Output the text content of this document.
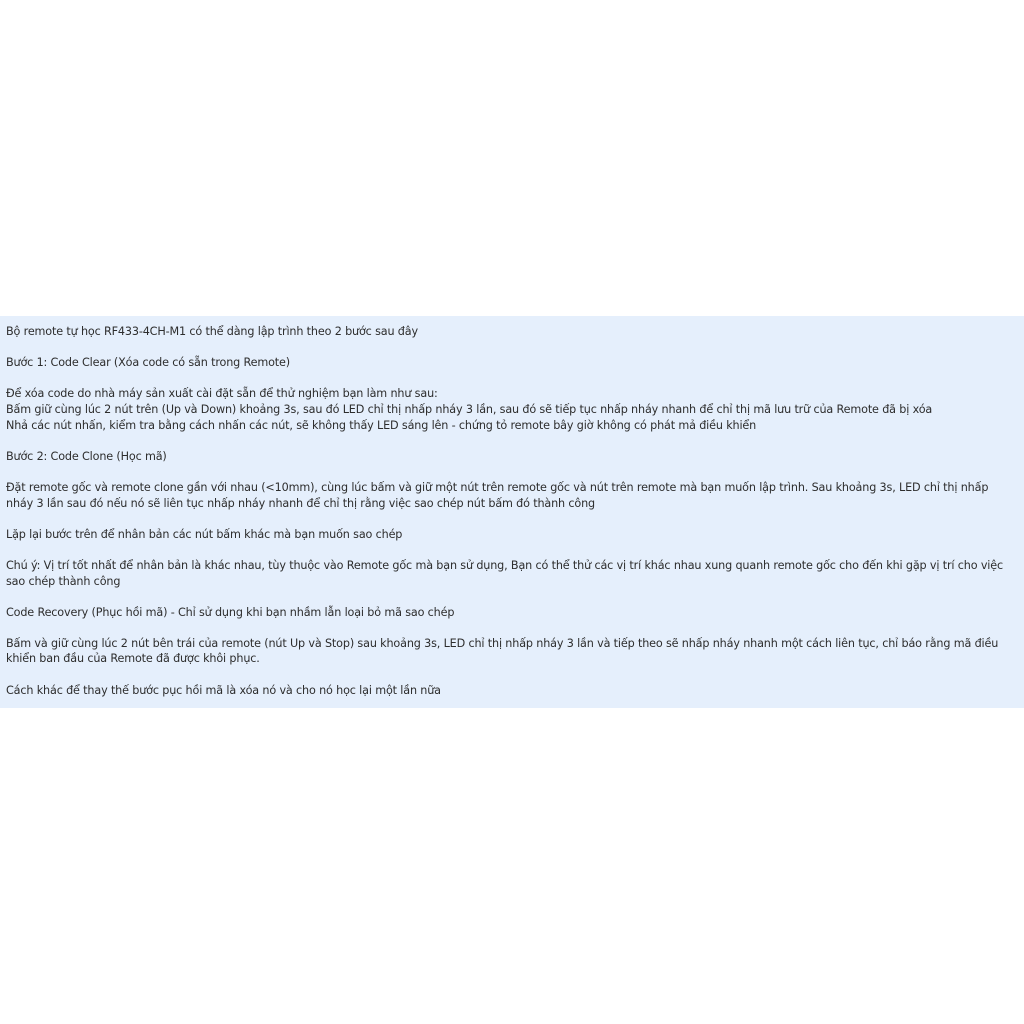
Bộ remote tự học RF433-4CH-M1 có thể dàng lập trình theo 2 bước sau đây

Bước 1: Code Clear (Xóa code có sẵn trong Remote)

Để xóa code do nhà máy sản xuất cài đặt sẵn để thử nghiệm bạn làm như sau:
Bấm giữ cùng lúc 2 nút trên (Up và Down) khoảng 3s, sau đó LED chỉ thị nhấp nháy 3 lần, sau đó sẽ tiếp tục nhấp nháy nhanh để chỉ thị mã lưu trữ của Remote đã bị xóa
Nhả các nút nhấn, kiểm tra bằng cách nhấn các nút, sẽ không thấy LED sáng lên - chứng tỏ remote bây giờ không có phát mả điều khiển

Bước 2: Code Clone (Học mã)

Đặt remote gốc và remote clone gần với nhau (<10mm), cùng lúc bấm và giữ một nút trên remote gốc và nút trên remote mà bạn muốn lập trình. Sau khoảng 3s, LED chỉ thị nhấp nháy 3 lần sau đó nếu nó sẽ liên tục nhấp nháy nhanh để chỉ thị rằng việc sao chép nút bấm đó thành công

Lặp lại bước trên để nhân bản các nút bấm khác mà bạn muốn sao chép

Chú ý: Vị trí tốt nhất để nhân bản là khác nhau, tùy thuộc vào Remote gốc mà bạn sử dụng, Bạn có thể thử các vị trí khác nhau xung quanh remote gốc cho đến khi gặp vị trí cho việc sao chép thành công

Code Recovery (Phục hồi mã) - Chỉ sử dụng khi bạn nhầm lẫn loại bỏ mã sao chép

Bấm và giữ cùng lúc 2 nút bên trái của remote (nút Up và Stop) sau khoảng 3s, LED chỉ thị nhấp nháy 3 lần và tiếp theo sẽ nhấp nháy nhanh một cách liên tục, chỉ báo rằng mã điều khiển ban đầu của Remote đã được khôi phục.

Cách khác để thay thế bước pục hồi mã là xóa nó và cho nó học lại một lần nữa
